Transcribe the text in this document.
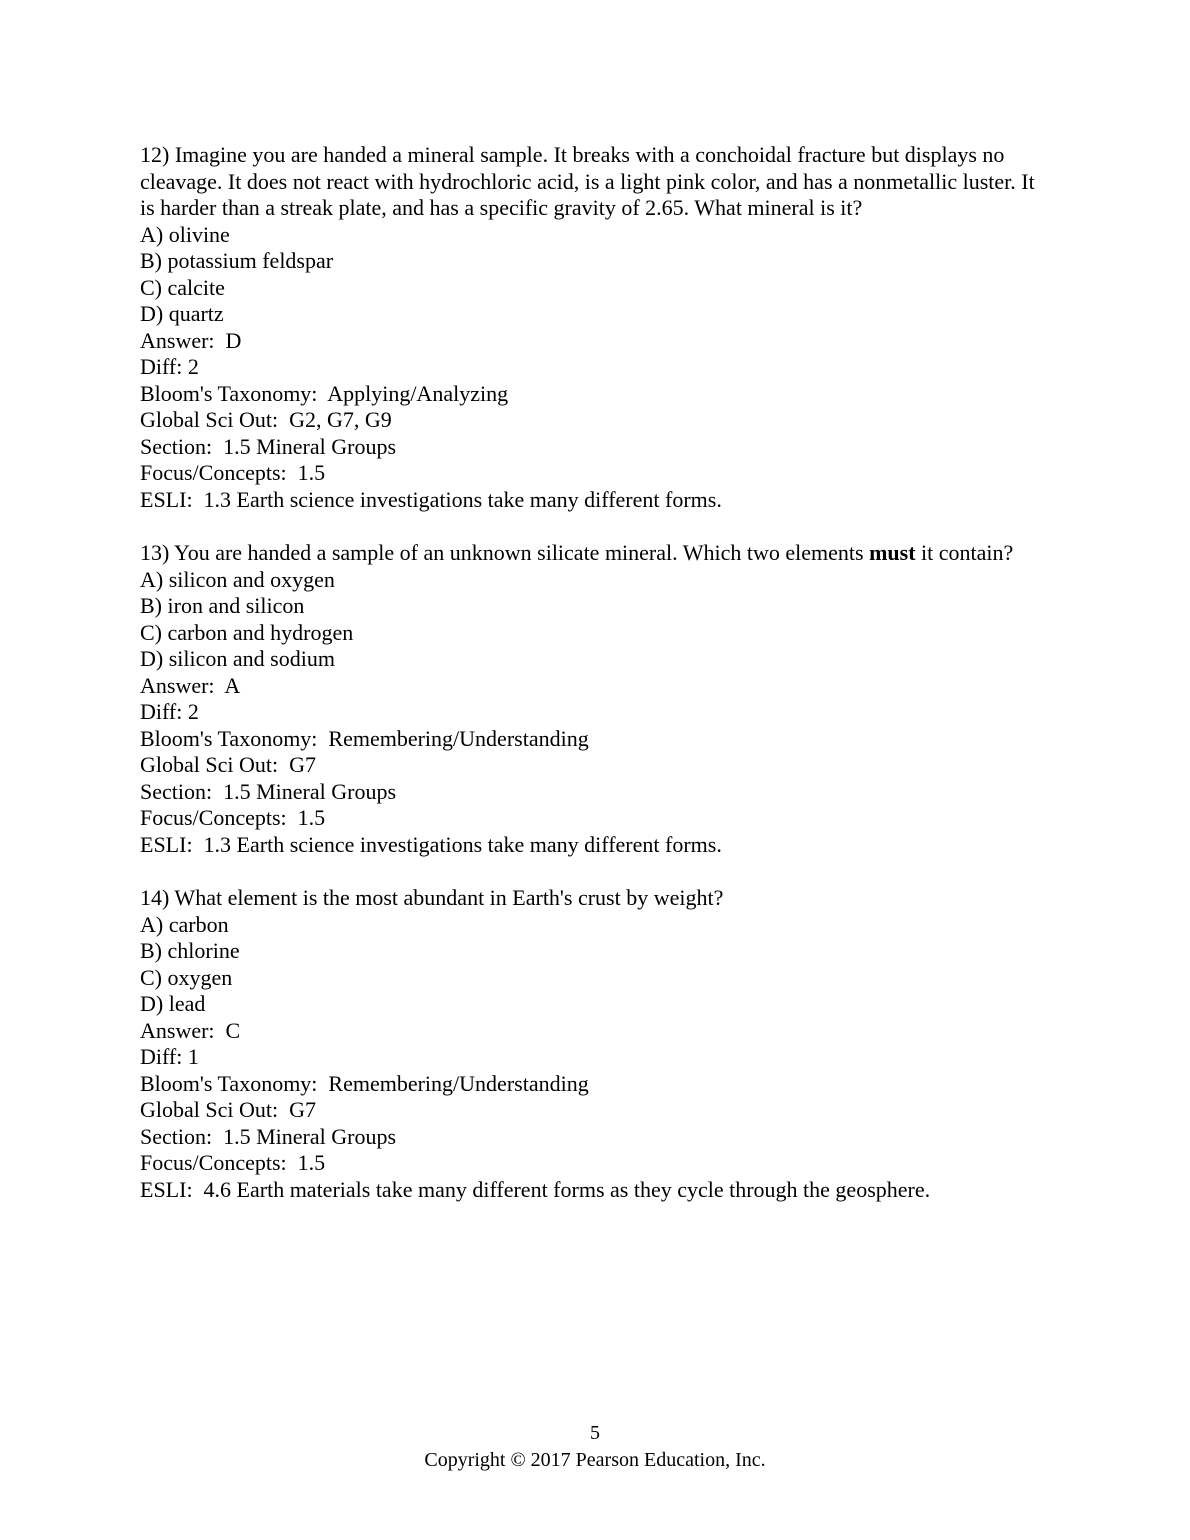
12) Imagine you are handed a mineral sample. It breaks with a conchoidal fracture but displays no cleavage. It does not react with hydrochloric acid, is a light pink color, and has a nonmetallic luster. It is harder than a streak plate, and has a specific gravity of 2.65. What mineral is it?

A) olivine
B) potassium feldspar
C) calcite
D) quartz
Answer:  D
Diff: 2
Bloom's Taxonomy:  Applying/Analyzing
Global Sci Out:  G2, G7, G9
Section:  1.5 Mineral Groups
Focus/Concepts:  1.5
ESLI:  1.3 Earth science investigations take many different forms.

13) You are handed a sample of an unknown silicate mineral. Which two elements must it contain?

A) silicon and oxygen
B) iron and silicon
C) carbon and hydrogen
D) silicon and sodium
Answer:  A
Diff: 2
Bloom's Taxonomy:  Remembering/Understanding
Global Sci Out:  G7
Section:  1.5 Mineral Groups
Focus/Concepts:  1.5
ESLI:  1.3 Earth science investigations take many different forms.

14) What element is the most abundant in Earth's crust by weight?

A) carbon
B) chlorine
C) oxygen
D) lead
Answer:  C
Diff: 1
Bloom's Taxonomy:  Remembering/Understanding
Global Sci Out:  G7
Section:  1.5 Mineral Groups
Focus/Concepts:  1.5
ESLI:  4.6 Earth materials take many different forms as they cycle through the geosphere.
5
Copyright © 2017 Pearson Education, Inc.
